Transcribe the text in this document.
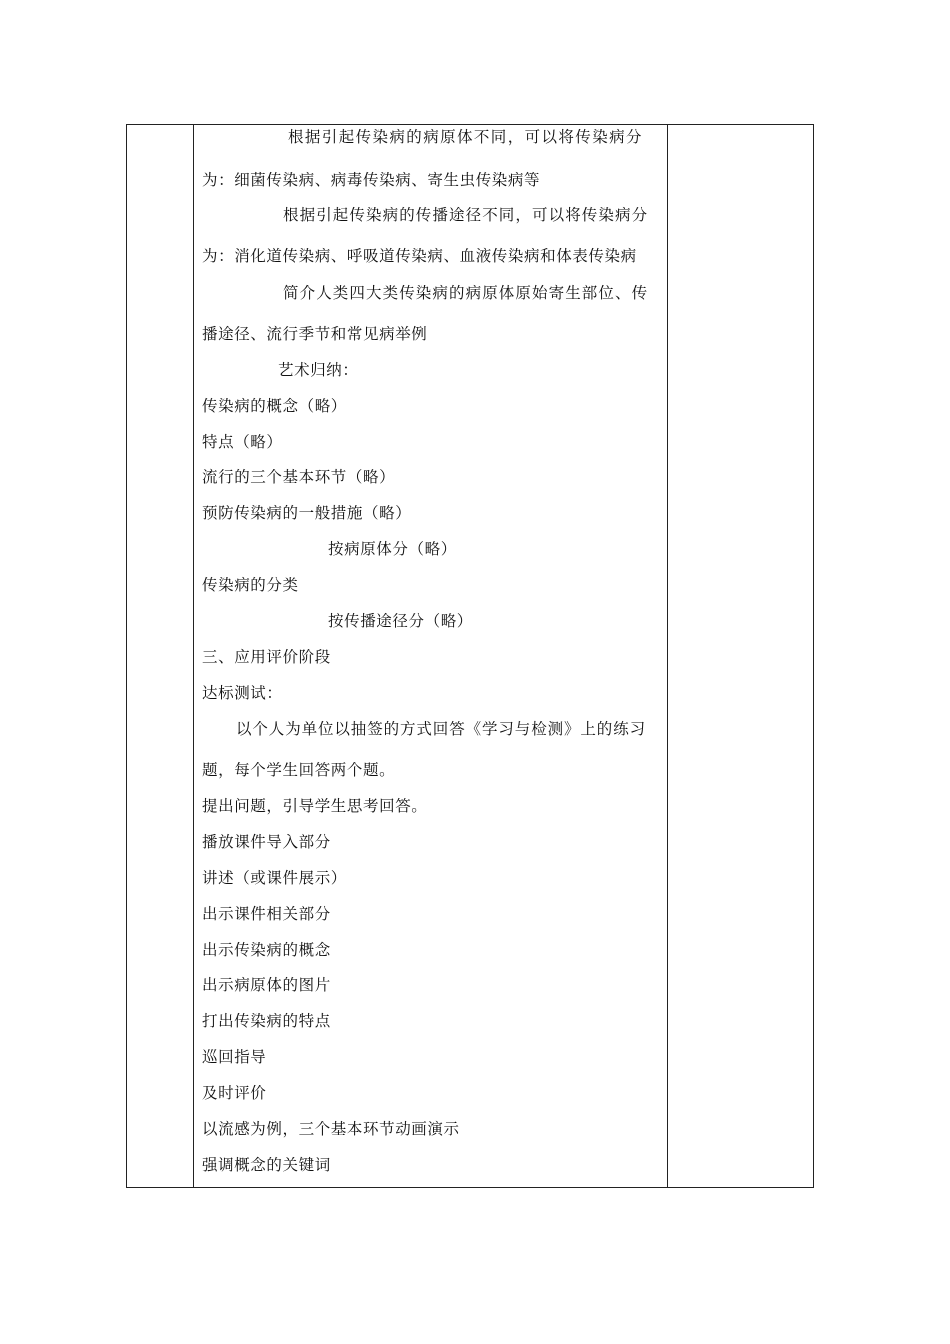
根据引起传染病的病原体不同，可以将传染病分
为：细菌传染病、病毒传染病、寄生虫传染病等
根据引起传染病的传播途径不同，可以将传染病分
为：消化道传染病、呼吸道传染病、血液传染病和体表传染病
简介人类四大类传染病的病原体原始寄生部位、传
播途径、流行季节和常见病举例
艺术归纳：
传染病的概念（略）
特点（略）
流行的三个基本环节（略）
预防传染病的一般措施（略）
按病原体分（略）
传染病的分类
按传播途径分（略）
三、应用评价阶段
达标测试：
以个人为单位以抽签的方式回答《学习与检测》上的练习
题，每个学生回答两个题。
提出问题，引导学生思考回答。
播放课件导入部分
讲述（或课件展示）
出示课件相关部分
出示传染病的概念
出示病原体的图片
打出传染病的特点
巡回指导
及时评价
以流感为例，三个基本环节动画演示
强调概念的关键词
